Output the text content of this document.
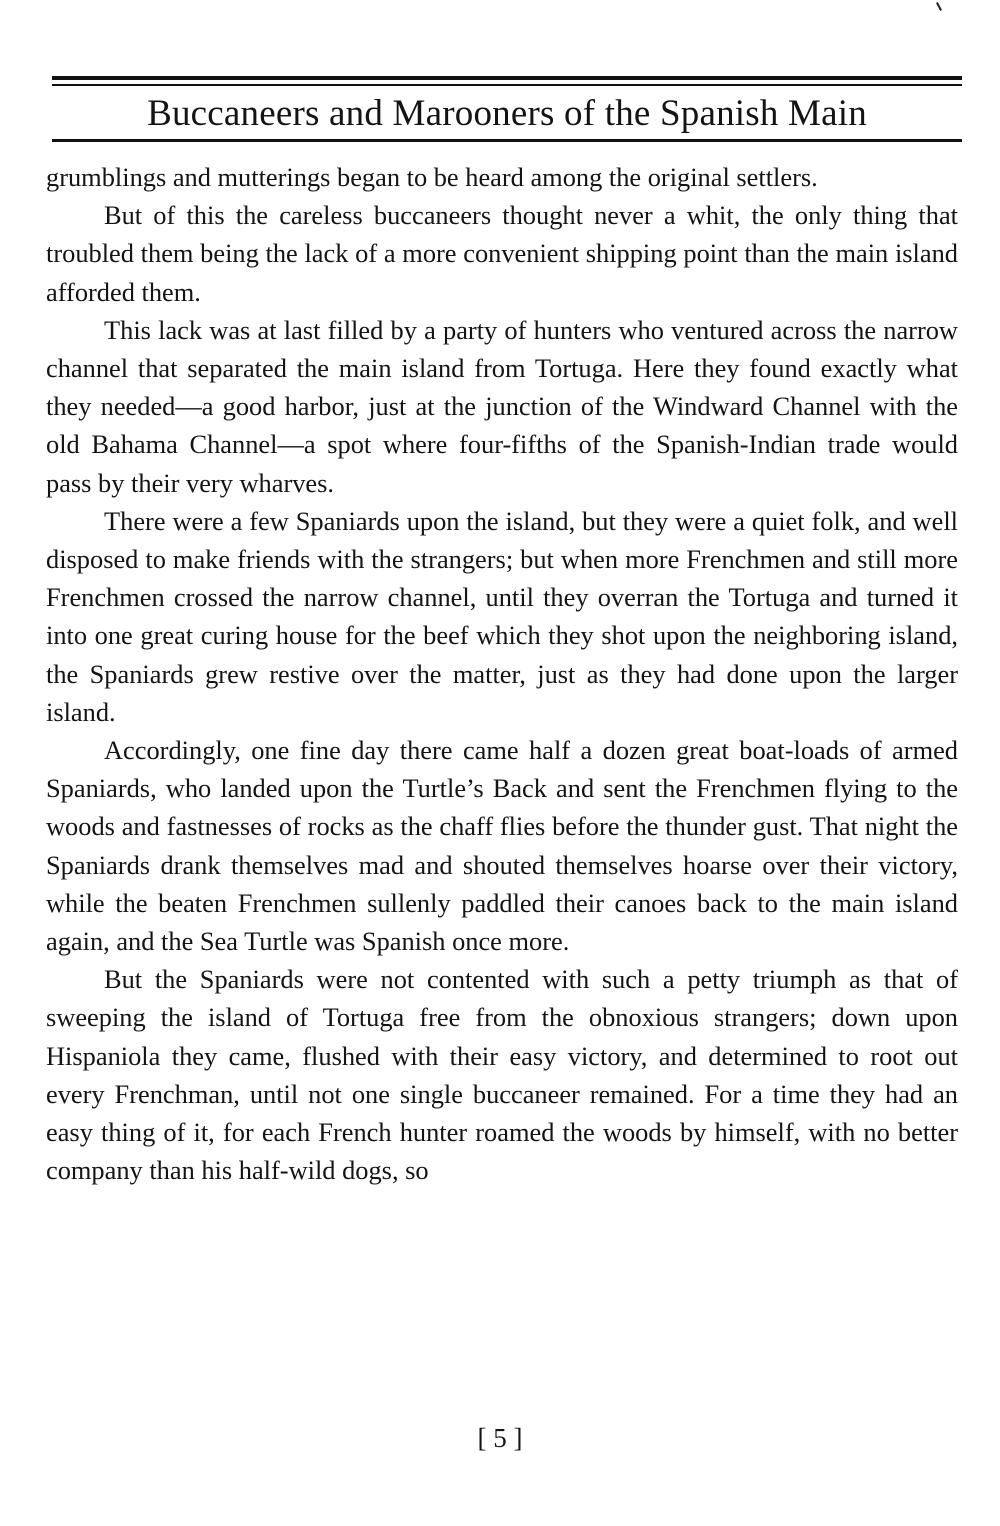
Buccaneers and Marooners of the Spanish Main

grumblings and mutterings began to be heard among the original settlers.

But of this the careless buccaneers thought never a whit, the only thing that troubled them being the lack of a more convenient shipping point than the main island afforded them.

This lack was at last filled by a party of hunters who ventured across the narrow channel that separated the main island from Tortuga. Here they found exactly what they needed—a good harbor, just at the junction of the Windward Channel with the old Bahama Channel—a spot where four-fifths of the Spanish-Indian trade would pass by their very wharves.

There were a few Spaniards upon the island, but they were a quiet folk, and well disposed to make friends with the strangers; but when more Frenchmen and still more Frenchmen crossed the narrow channel, until they overran the Tortuga and turned it into one great curing house for the beef which they shot upon the neighboring island, the Spaniards grew restive over the matter, just as they had done upon the larger island.

Accordingly, one fine day there came half a dozen great boat-loads of armed Spaniards, who landed upon the Turtle’s Back and sent the Frenchmen flying to the woods and fastnesses of rocks as the chaff flies before the thunder gust. That night the Spaniards drank themselves mad and shouted themselves hoarse over their victory, while the beaten Frenchmen sullenly paddled their canoes back to the main island again, and the Sea Turtle was Spanish once more.

But the Spaniards were not contented with such a petty triumph as that of sweeping the island of Tortuga free from the obnoxious strangers; down upon Hispaniola they came, flushed with their easy victory, and determined to root out every Frenchman, until not one single buccaneer remained. For a time they had an easy thing of it, for each French hunter roamed the woods by himself, with no better company than his half-wild dogs, so

[ 5 ]
